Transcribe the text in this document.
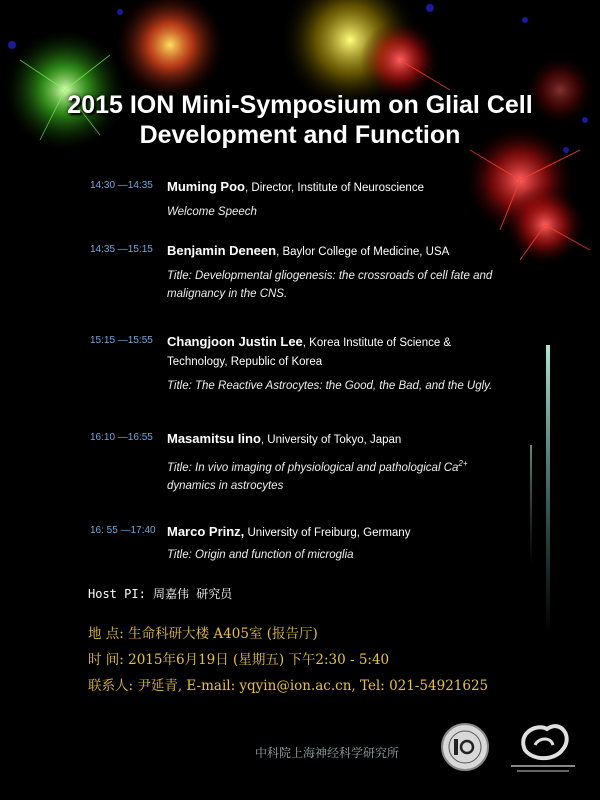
2015 ION Mini-Symposium on Glial Cell
Development and Function
14:30 —14:35	Muming Poo, Director, Institute of Neuroscience
Welcome Speech
14:35 —15:15	Benjamin Deneen, Baylor College of Medicine, USA
Title: Developmental gliogenesis: the crossroads of cell fate and malignancy in the CNS.
15:15 —15:55	Changjoon Justin Lee, Korea Institute of Science & Technology, Republic of Korea
Title: The Reactive Astrocytes: the Good, the Bad, and the Ugly.
16:10 —16:55	Masamitsu Iino, University of Tokyo, Japan
Title: In vivo imaging of physiological and pathological $Ca^{2+}$
dynamics in astrocytes
16: 55 —17:40 Marco Prinz, University of Freiburg, Germany
Title: Origin and function of microglia
Host PI: 周嘉伟 研究员
地 点: 生命科研大楼 A405室 (报告厅)
时 间: 2015年6月19日 (星期五) 下午2:30 - 5:40
联系人: 尹延青, E-mail: yqyin@ion.ac.cn, Tel: 021-54921625
中科院上海神经科学研究所
